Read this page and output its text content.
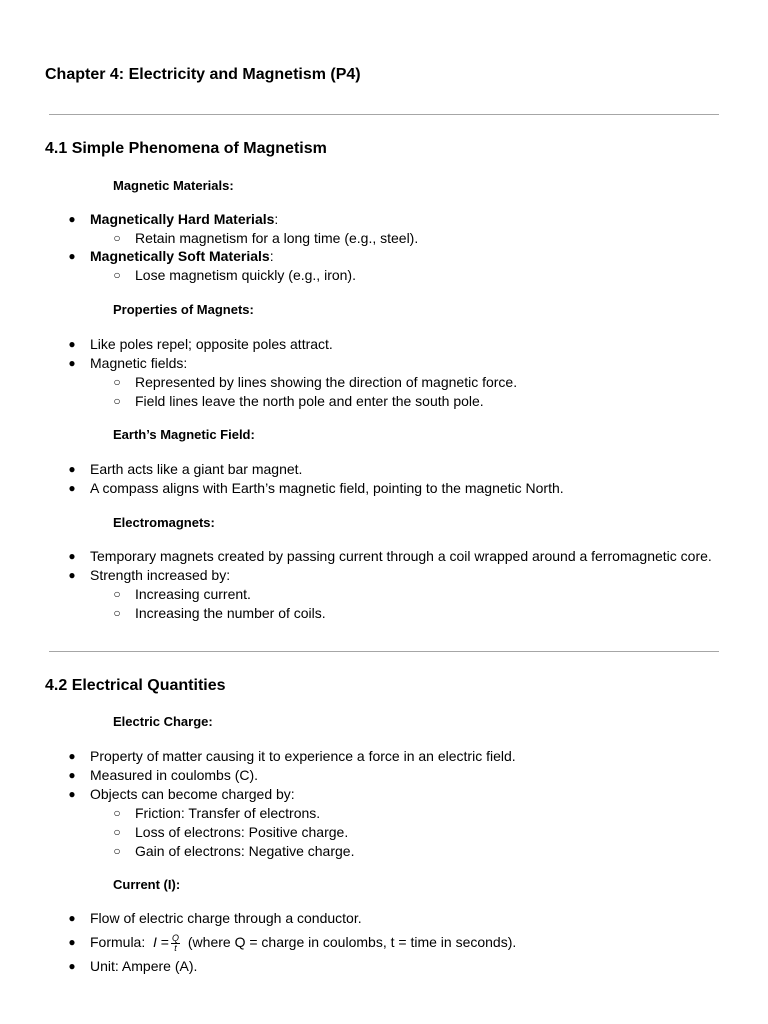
Chapter 4: Electricity and Magnetism (P4)
4.1 Simple Phenomena of Magnetism
Magnetic Materials:
● Magnetically Hard Materials:
○ Retain magnetism for a long time (e.g., steel).
● Magnetically Soft Materials:
○ Lose magnetism quickly (e.g., iron).
Properties of Magnets:
● Like poles repel; opposite poles attract.
● Magnetic fields:
○ Represented by lines showing the direction of magnetic force.
○ Field lines leave the north pole and enter the south pole.
Earth’s Magnetic Field:
● Earth acts like a giant bar magnet.
● A compass aligns with Earth’s magnetic field, pointing to the magnetic North.
Electromagnets:
● Temporary magnets created by passing current through a coil wrapped around a ferromagnetic core.
● Strength increased by:
○ Increasing current.
○ Increasing the number of coils.
4.2 Electrical Quantities
Electric Charge:
● Property of matter causing it to experience a force in an electric field.
● Measured in coulombs (C).
● Objects can become charged by:
○ Friction: Transfer of electrons.
○ Loss of electrons: Positive charge.
○ Gain of electrons: Negative charge.
Current (I):
● Flow of electric charge through a conductor.
● Formula: $I = \frac{Q}{t}$ (where Q = charge in coulombs, t = time in seconds).
● Unit: Ampere (A).
